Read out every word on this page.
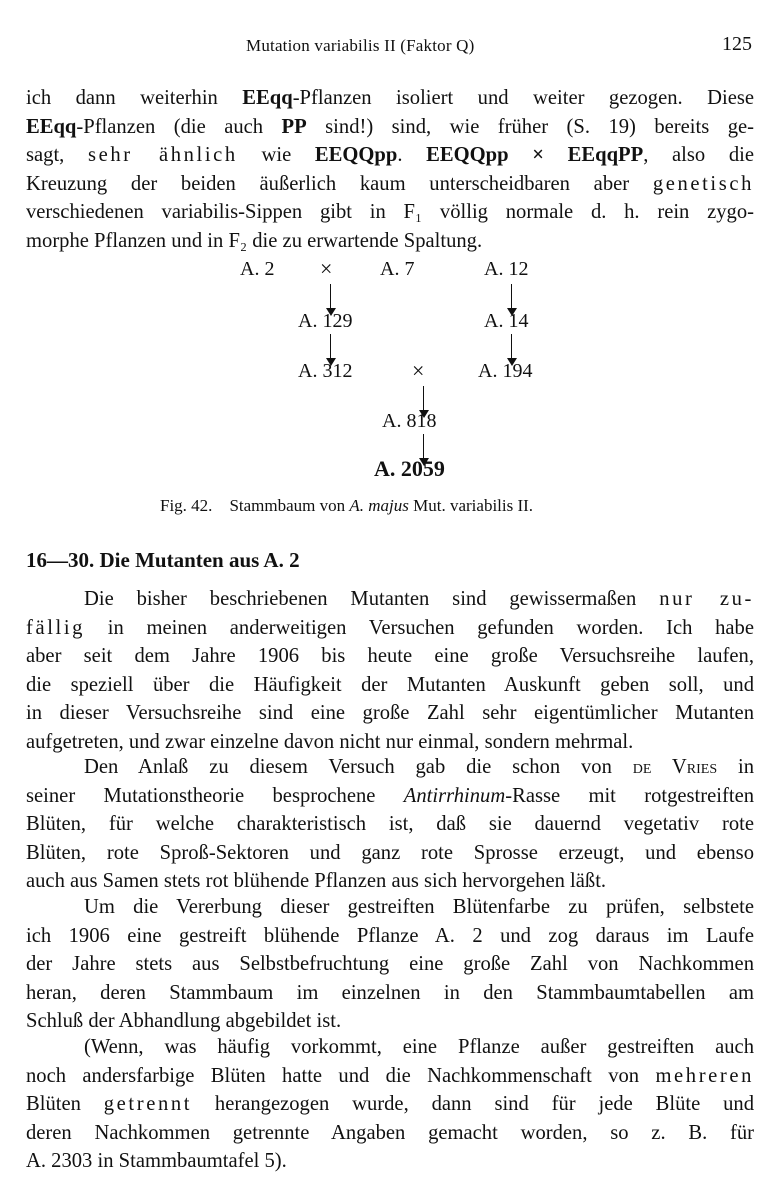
Mutation variabilis II (Faktor Q)	125
ich dann weiterhin EEqq-Pflanzen isoliert und weiter gezogen. Diese
EEqq-Pflanzen (die auch PP sind!) sind, wie früher (S. 19) bereits ge-
sagt, sehr ähnlich wie EEQQpp. EEQQpp × EEqqPP, also die
Kreuzung der beiden äußerlich kaum unterscheidbaren aber genetisch
verschiedenen variabilis-Sippen gibt in F₁ völlig normale d. h. rein zygo-
morphe Pflanzen und in F₂ die zu erwartende Spaltung.
A. 2 × A. 7	A. 12
A. 129	A. 14
A. 312	×	A. 194
A. 818
A. 2059
Fig. 42. Stammbaum von A. majus Mut. variabilis II.
16—30. Die Mutanten aus A. 2
Die bisher beschriebenen Mutanten sind gewissermaßen nur zu-
fällig in meinen anderweitigen Versuchen gefunden worden. Ich habe
aber seit dem Jahre 1906 bis heute eine große Versuchsreihe laufen,
die speziell über die Häufigkeit der Mutanten Auskunft geben soll, und
in dieser Versuchsreihe sind eine große Zahl sehr eigentümlicher Mutanten
aufgetreten, und zwar einzelne davon nicht nur einmal, sondern mehrmal.
Den Anlaß zu diesem Versuch gab die schon von de Vries in
seiner Mutationstheorie besprochene Antirrhinum-Rasse mit rotgestreiften
Blüten, für welche charakteristisch ist, daß sie dauernd vegetativ rote
Blüten, rote Sproß-Sektoren und ganz rote Sprosse erzeugt, und ebenso
auch aus Samen stets rot blühende Pflanzen aus sich hervorgehen läßt.
Um die Vererbung dieser gestreiften Blütenfarbe zu prüfen, selbstete
ich 1906 eine gestreift blühende Pflanze A. 2 und zog daraus im Laufe
der Jahre stets aus Selbstbefruchtung eine große Zahl von Nachkommen
heran, deren Stammbaum im einzelnen in den Stammbaumtabellen am
Schluß der Abhandlung abgebildet ist.
(Wenn, was häufig vorkommt, eine Pflanze außer gestreiften auch
noch andersfarbige Blüten hatte und die Nachkommenschaft von mehreren
Blüten getrennt herangezogen wurde, dann sind für jede Blüte und
deren Nachkommen getrennte Angaben gemacht worden, so z. B. für
A. 2303 in Stammbaumtafel 5).
